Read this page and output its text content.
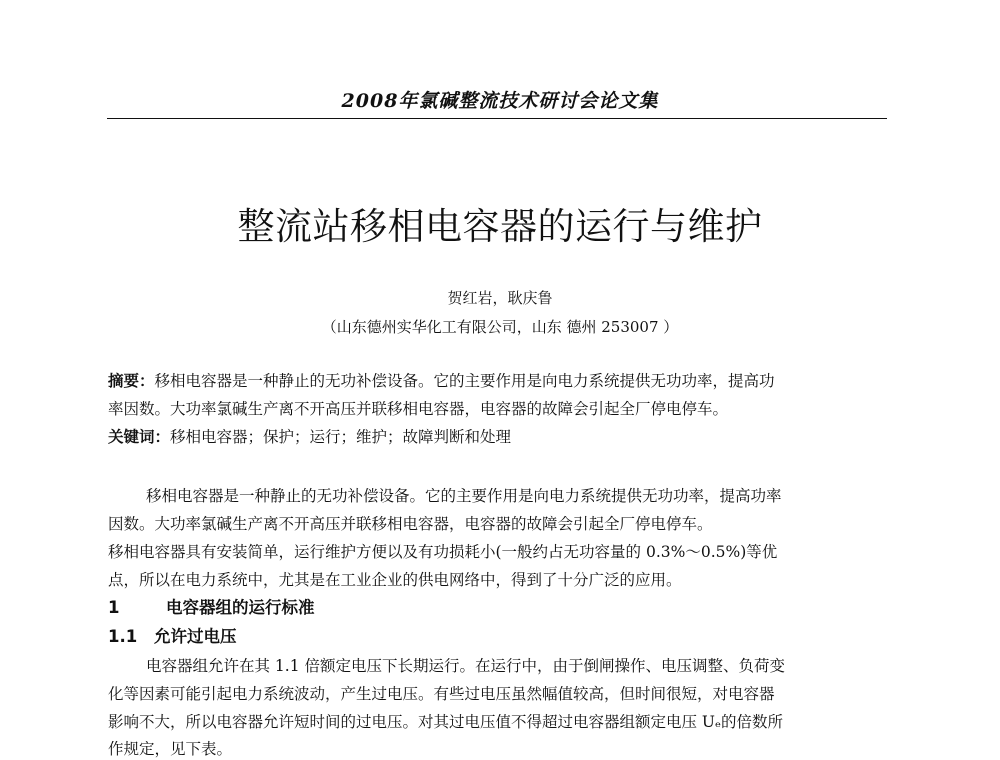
2008年氯碱整流技术研讨会论文集
整流站移相电容器的运行与维护
贺红岩，耿庆鲁
（山东德州实华化工有限公司，山东 德州 253007 ）
摘要：移相电容器是一种静止的无功补偿设备。它的主要作用是向电力系统提供无功功率，提高功
率因数。大功率氯碱生产离不开高压并联移相电容器，电容器的故障会引起全厂停电停车。
关键词：移相电容器；保护；运行；维护；故障判断和处理
移相电容器是一种静止的无功补偿设备。它的主要作用是向电力系统提供无功功率，提高功率
因数。大功率氯碱生产离不开高压并联移相电容器，电容器的故障会引起全厂停电停车。
移相电容器具有安装简单，运行维护方便以及有功损耗小(一般约占无功容量的 0.3%～0.5%)等优
点，所以在电力系统中，尤其是在工业企业的供电网络中，得到了十分广泛的应用。
1	电容器组的运行标准
1.1 允许过电压
电容器组允许在其 1.1 倍额定电压下长期运行。在运行中，由于倒闸操作、电压调整、负荷变
化等因素可能引起电力系统波动，产生过电压。有些过电压虽然幅值较高，但时间很短，对电容器
影响不大，所以电容器允许短时间的过电压。对其过电压值不得超过电容器组额定电压 Uₑ的倍数所
作规定，见下表。
